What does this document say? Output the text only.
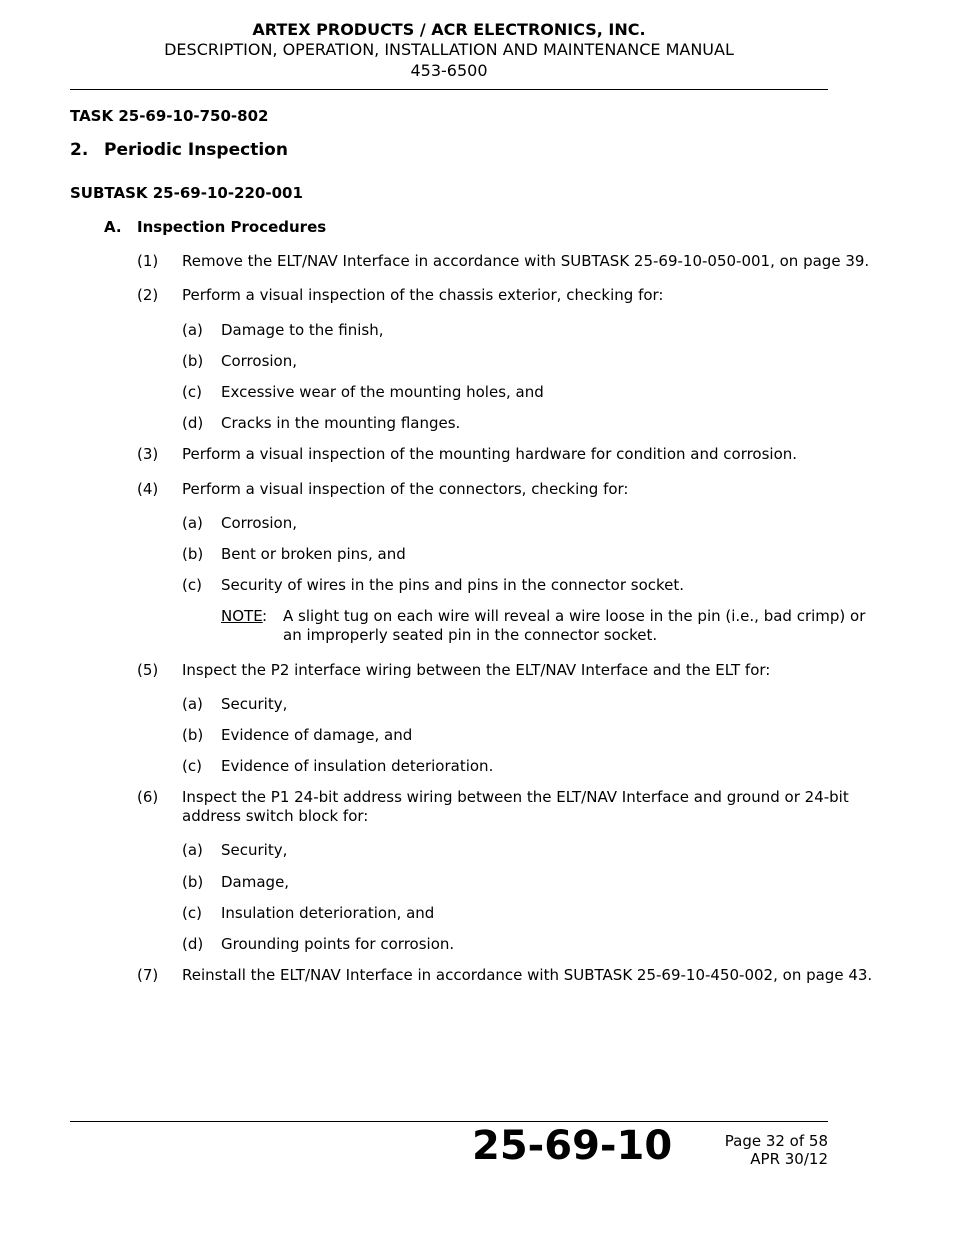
ARTEX PRODUCTS / ACR ELECTRONICS, INC.
DESCRIPTION, OPERATION, INSTALLATION AND MAINTENANCE MANUAL
453-6500
TASK 25-69-10-750-802
2. Periodic Inspection
SUBTASK 25-69-10-220-001
A. Inspection Procedures
(1) Remove the ELT/NAV Interface in accordance with SUBTASK 25-69-10-050-001, on page 39.
(2) Perform a visual inspection of the chassis exterior, checking for:
(a) Damage to the finish,
(b) Corrosion,
(c) Excessive wear of the mounting holes, and
(d) Cracks in the mounting flanges.
(3) Perform a visual inspection of the mounting hardware for condition and corrosion.
(4) Perform a visual inspection of the connectors, checking for:
(a) Corrosion,
(b) Bent or broken pins, and
(c) Security of wires in the pins and pins in the connector socket.
NOTE : A slight tug on each wire will reveal a wire loose in the pin (i.e., bad crimp) or
an improperly seated pin in the connector socket.
(5) Inspect the P2 interface wiring between the ELT/NAV Interface and the ELT for:
(a) Security,
(b) Evidence of damage, and
(c) Evidence of insulation deterioration.
(6) Inspect the P1 24-bit address wiring between the ELT/NAV Interface and ground or 24-bit
address switch block for:
(a) Security,
(b) Damage,
(c) Insulation deterioration, and
(d) Grounding points for corrosion.
(7) Reinstall the ELT/NAV Interface in accordance with SUBTASK 25-69-10-450-002, on page 43.
25-69-10	Page 32 of 58
APR 30/12
